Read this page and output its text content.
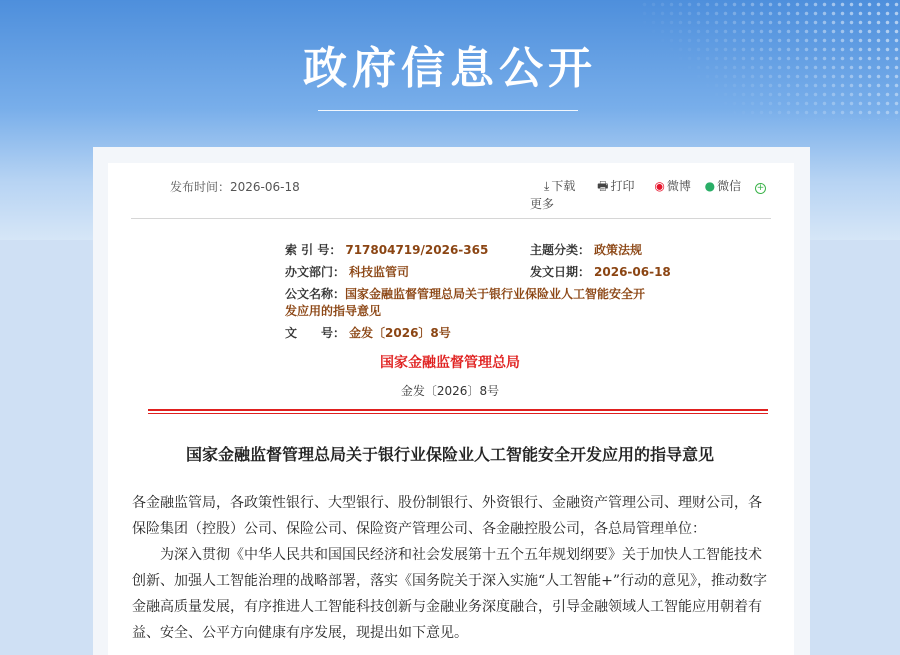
政府信息公开
发布时间：2026-06-18	⤓ 下载 🖶 打印 ◉ 微博 ● 微信 +
更多
索 引 号： 717804719/2026-365	主题分类： 政策法规
办文部门： 科技监管司	发文日期： 2026-06-18
公文名称：国家金融监督管理总局关于银行业保险业人工智能安全开
发应用的指导意见
文　　号： 金发〔2026〕8号
国家金融监督管理总局
金发〔2026〕8号
国家金融监督管理总局关于银行业保险业人工智能安全开发应用的指导意见

各金融监管局，各政策性银行、大型银行、股份制银行、外资银行、金融资产管理公司、理财公司，各保险集团（控股）公司、保险公司、保险资产管理公司、各金融控股公司，各总局管理单位：

为深入贯彻《中华人民共和国国民经济和社会发展第十五个五年规划纲要》关于加快人工智能技术创新、加强人工智能治理的战略部署，落实《国务院关于深入实施“人工智能+”行动的意见》，推动数字金融高质量发展，有序推进人工智能科技创新与金融业务深度融合，引导金融领域人工智能应用朝着有益、安全、公平方向健康有序发展，现提出如下意见。
